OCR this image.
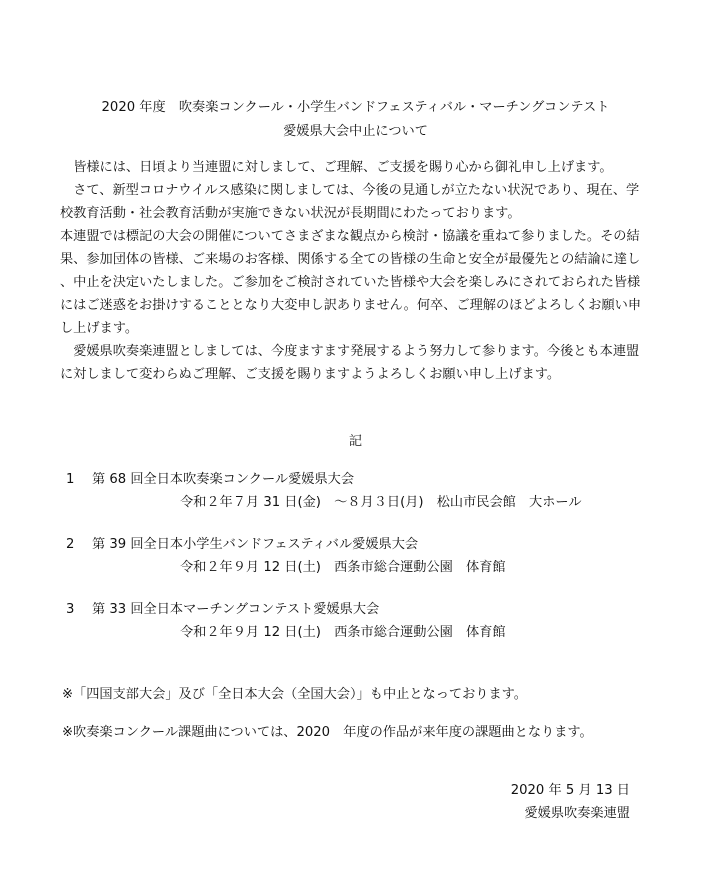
2020 年度　吹奏楽コンクール・小学生バンドフェスティバル・マーチングコンテスト
愛媛県大会中止について

皆様には、日頃より当連盟に対しまして、ご理解、ご支援を賜り心から御礼申し上げます。

さて、新型コロナウイルス感染に関しましては、今後の見通しが立たない状況であり、現在、学校教育活動・社会教育活動が実施できない状況が長期間にわたっております。

本連盟では標記の大会の開催についてさまざまな観点から検討・協議を重ねて参りました。その結果、参加団体の皆様、ご来場のお客様、関係する全ての皆様の生命と安全が最優先との結論に達し、中止を決定いたしました。ご参加をご検討されていた皆様や大会を楽しみにされておられた皆様にはご迷惑をお掛けすることとなり大変申し訳ありません。何卒、ご理解のほどよろしくお願い申し上げます。

愛媛県吹奏楽連盟としましては、今度ますます発展するよう努力して参ります。今後とも本連盟に対しまして変わらぬご理解、ご支援を賜りますようよろしくお願い申し上げます。

記
1	第 68 回全日本吹奏楽コンクール愛媛県大会
令和２年７月 31 日(金)　～８月３日(月)　松山市民会館　大ホール
2	第 39 回全日本小学生バンドフェスティバル愛媛県大会
令和２年９月 12 日(土)　西条市総合運動公園　体育館
3	第 33 回全日本マーチングコンテスト愛媛県大会
令和２年９月 12 日(土)　西条市総合運動公園　体育館
※「四国支部大会」及び「全日本大会（全国大会）」も中止となっております。
※吹奏楽コンクール課題曲については、2020　年度の作品が来年度の課題曲となります。
2020 年 5 月 13 日
愛媛県吹奏楽連盟
